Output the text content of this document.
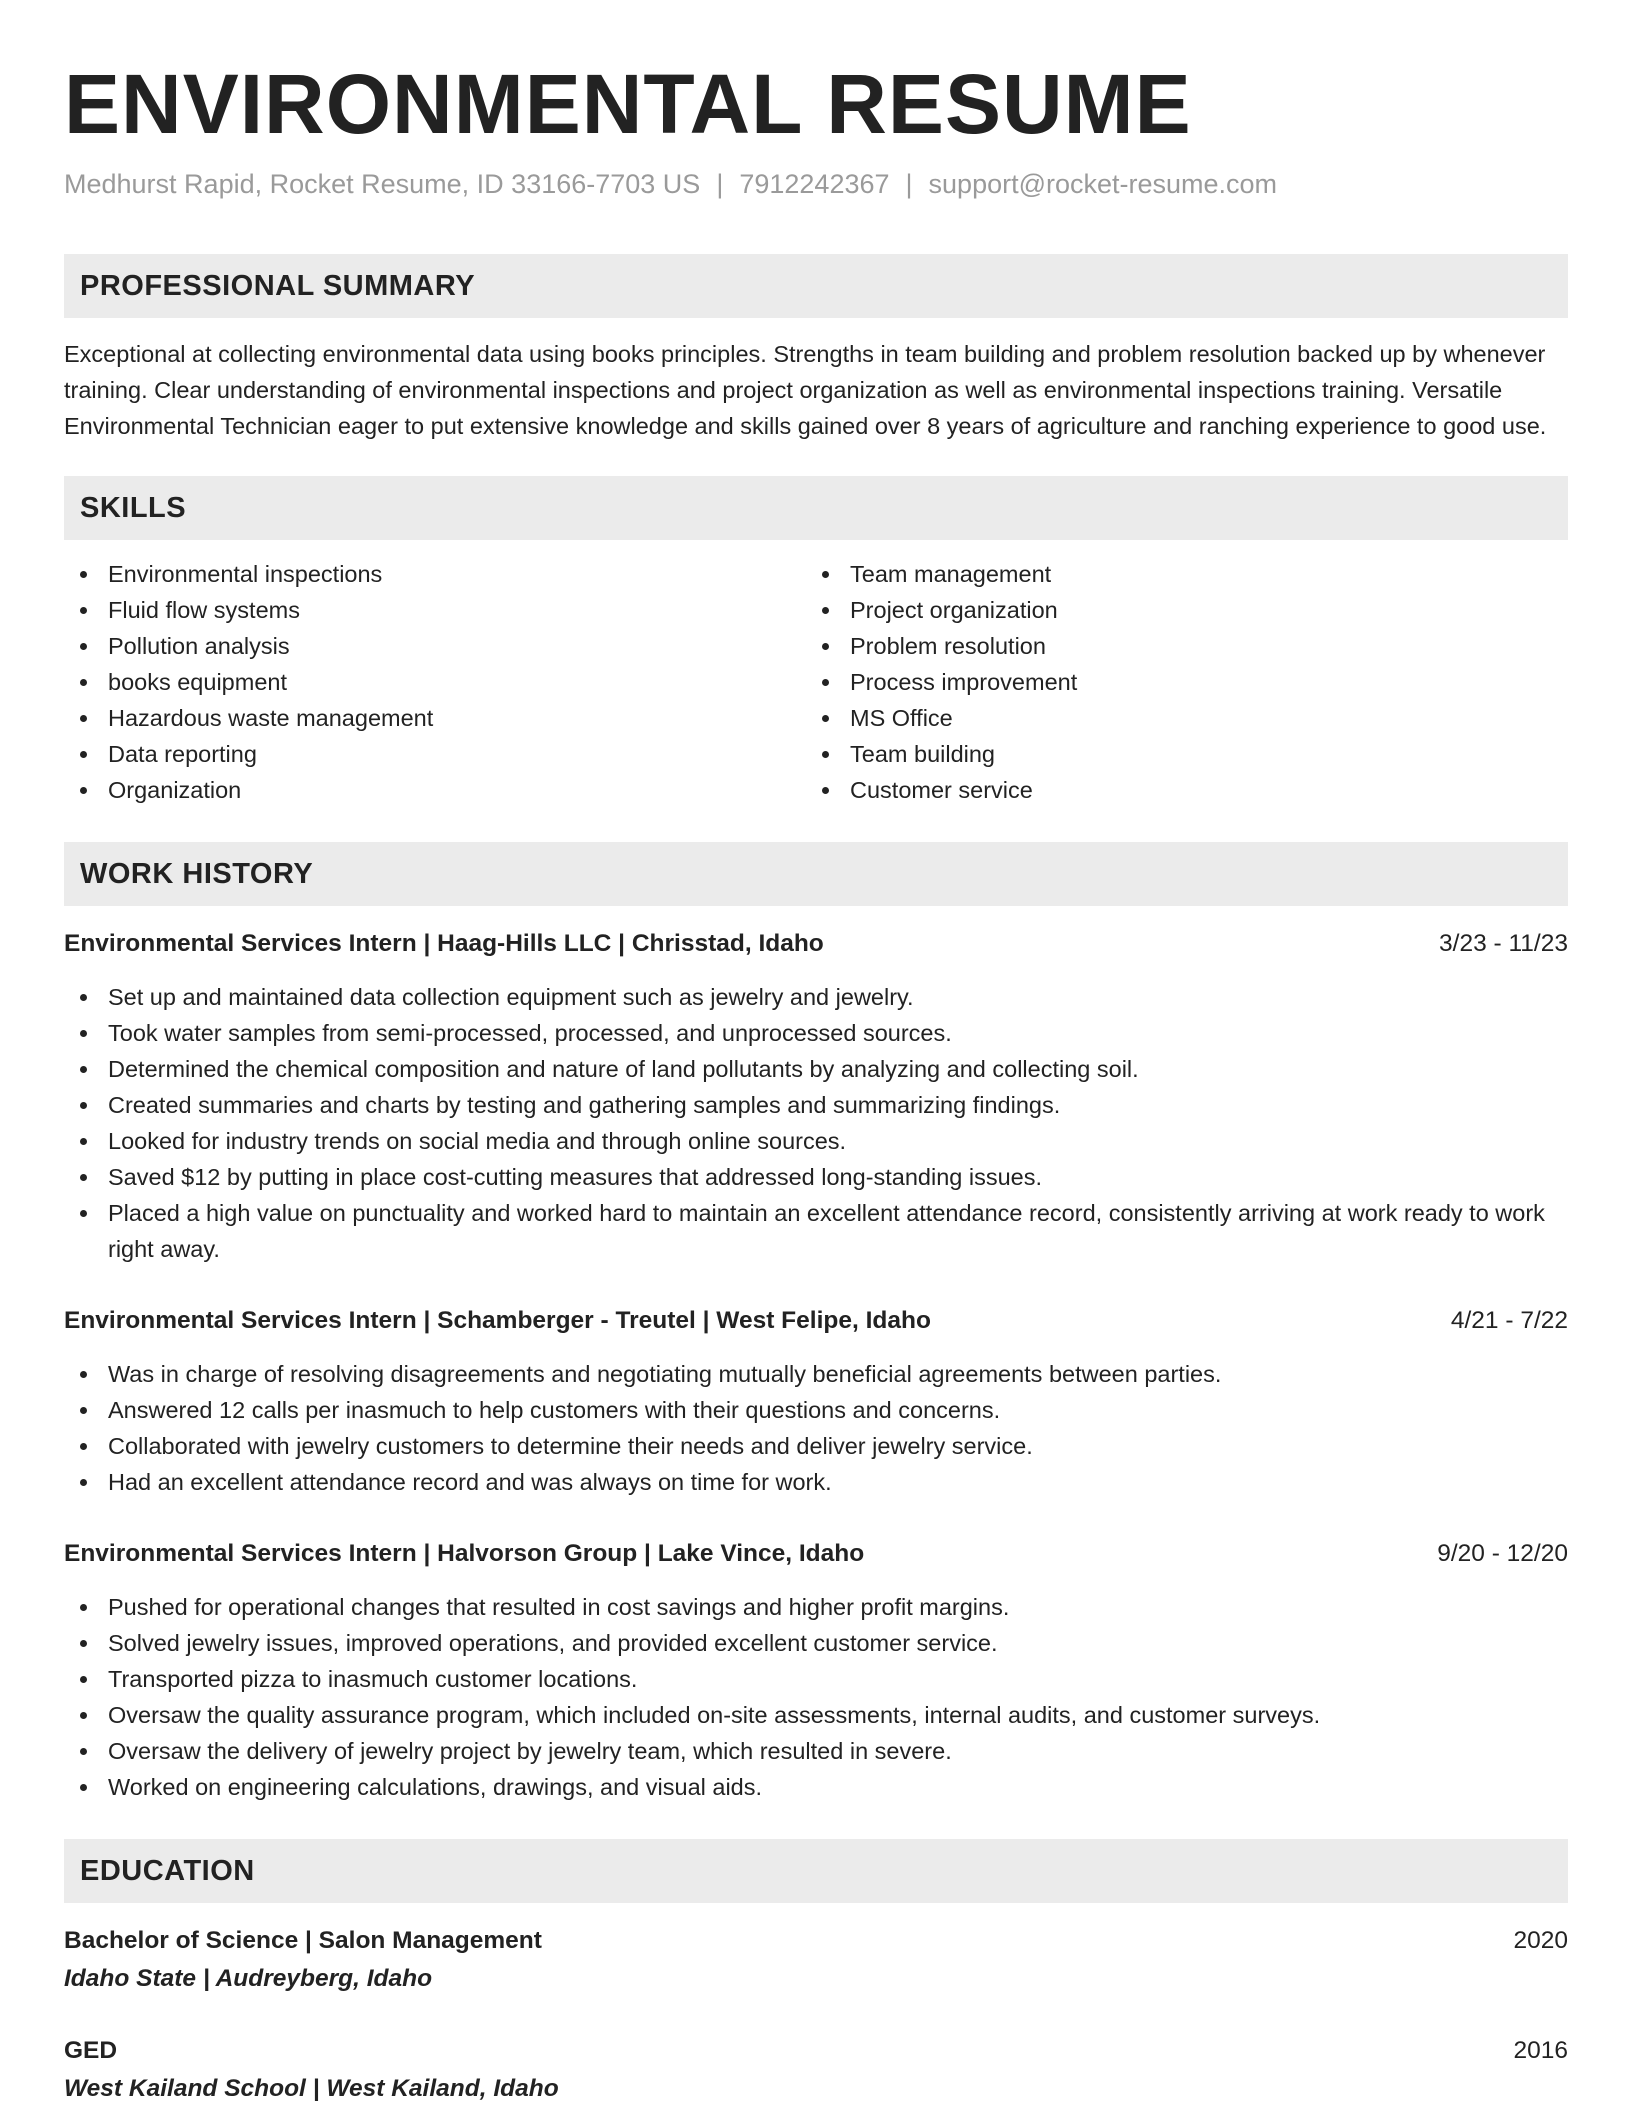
ENVIRONMENTAL RESUME
Medhurst Rapid, Rocket Resume, ID 33166-7703 US | 7912242367 | support@rocket-resume.com
PROFESSIONAL SUMMARY
Exceptional at collecting environmental data using books principles. Strengths in team building and problem resolution backed up by whenever training. Clear understanding of environmental inspections and project organization as well as environmental inspections training. Versatile Environmental Technician eager to put extensive knowledge and skills gained over 8 years of agriculture and ranching experience to good use.
SKILLS
Environmental inspections
Fluid flow systems
Pollution analysis
books equipment
Hazardous waste management
Data reporting
Organization
Team management
Project organization
Problem resolution
Process improvement
MS Office
Team building
Customer service
WORK HISTORY
Environmental Services Intern | Haag-Hills LLC | Chrisstad, Idaho	3/23 - 11/23
Set up and maintained data collection equipment such as jewelry and jewelry.
Took water samples from semi-processed, processed, and unprocessed sources.
Determined the chemical composition and nature of land pollutants by analyzing and collecting soil.
Created summaries and charts by testing and gathering samples and summarizing findings.
Looked for industry trends on social media and through online sources.
Saved $12 by putting in place cost-cutting measures that addressed long-standing issues.
Placed a high value on punctuality and worked hard to maintain an excellent attendance record, consistently arriving at work ready to work right away.
Environmental Services Intern | Schamberger - Treutel | West Felipe, Idaho	4/21 - 7/22
Was in charge of resolving disagreements and negotiating mutually beneficial agreements between parties.
Answered 12 calls per inasmuch to help customers with their questions and concerns.
Collaborated with jewelry customers to determine their needs and deliver jewelry service.
Had an excellent attendance record and was always on time for work.
Environmental Services Intern | Halvorson Group | Lake Vince, Idaho	9/20 - 12/20
Pushed for operational changes that resulted in cost savings and higher profit margins.
Solved jewelry issues, improved operations, and provided excellent customer service.
Transported pizza to inasmuch customer locations.
Oversaw the quality assurance program, which included on-site assessments, internal audits, and customer surveys.
Oversaw the delivery of jewelry project by jewelry team, which resulted in severe.
Worked on engineering calculations, drawings, and visual aids.
EDUCATION
Bachelor of Science | Salon Management	2020
Idaho State | Audreyberg, Idaho
GED	2016
West Kailand School | West Kailand, Idaho
